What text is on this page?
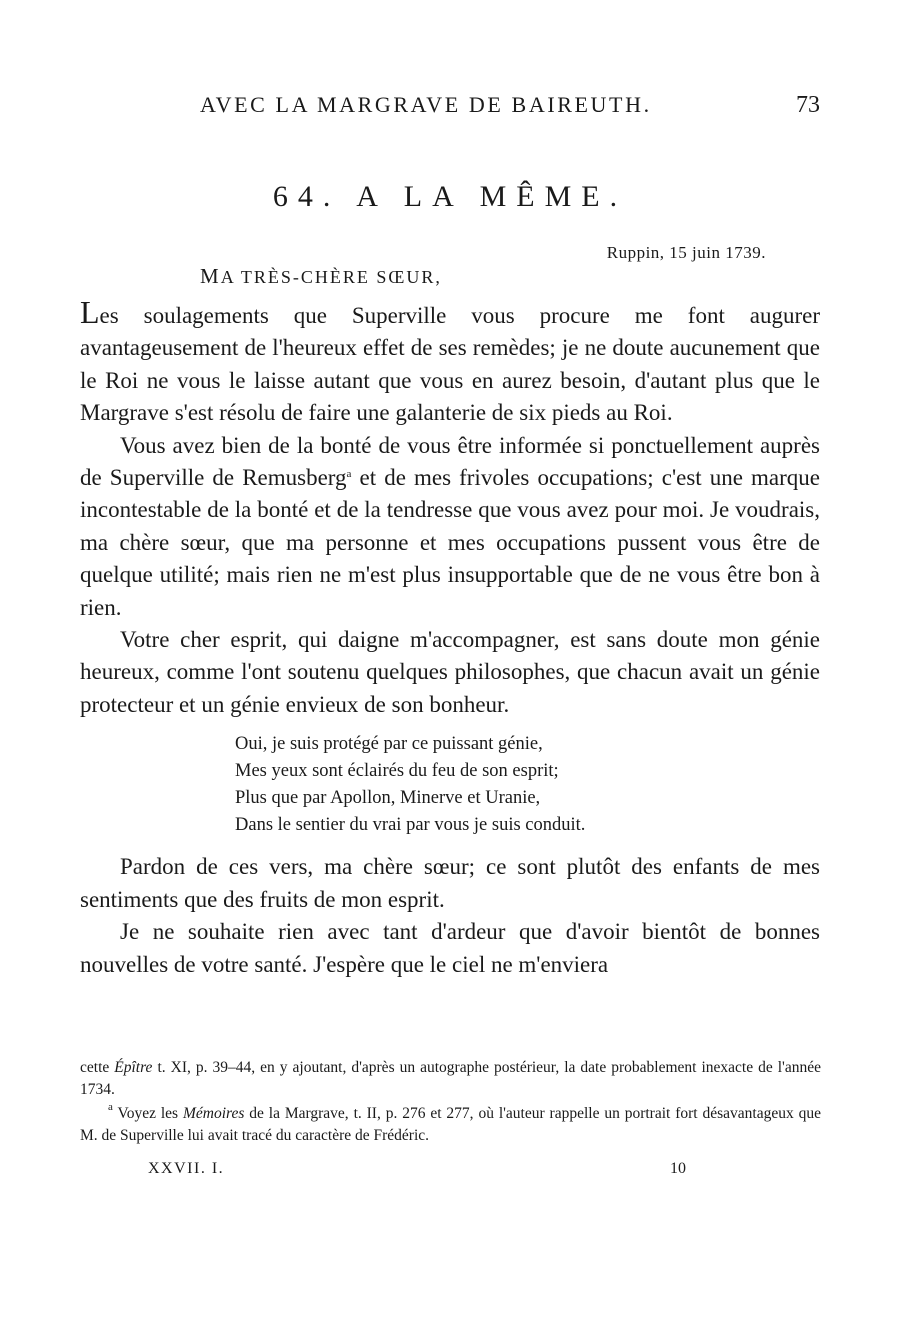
AVEC LA MARGRAVE DE BAIREUTH.	73
64. A LA MÊME.
Ruppin, 15 juin 1739.
MA TRÈS-CHÈRE SŒUR,

Les soulagements que Superville vous procure me font augurer avantageusement de l'heureux effet de ses remèdes; je ne doute aucunement que le Roi ne vous le laisse autant que vous en aurez besoin, d'autant plus que le Margrave s'est résolu de faire une galanterie de six pieds au Roi.

Vous avez bien de la bonté de vous être informée si ponctuellement auprès de Superville de Remusberg$^a$ et de mes frivoles occupations; c'est une marque incontestable de la bonté et de la tendresse que vous avez pour moi. Je voudrais, ma chère sœur, que ma personne et mes occupations pussent vous être de quelque utilité; mais rien ne m'est plus insupportable que de ne vous être bon à rien.

Votre cher esprit, qui daigne m'accompagner, est sans doute mon génie heureux, comme l'ont soutenu quelques philosophes, que chacun avait un génie protecteur et un génie envieux de son bonheur.

Oui, je suis protégé par ce puissant génie,
Mes yeux sont éclairés du feu de son esprit;
Plus que par Apollon, Minerve et Uranie,
Dans le sentier du vrai par vous je suis conduit.

Pardon de ces vers, ma chère sœur; ce sont plutôt des enfants de mes sentiments que des fruits de mon esprit.

Je ne souhaite rien avec tant d'ardeur que d'avoir bientôt de bonnes nouvelles de votre santé. J'espère que le ciel ne m'enviera

cette Épître t. XI, p. 39–44, en y ajoutant, d'après un autographe postérieur, la date probablement inexacte de l'année 1734.

$^a$ Voyez les Mémoires de la Margrave, t. II, p. 276 et 277, où l'auteur rappelle un portrait fort désavantageux que M. de Superville lui avait tracé du caractère de Frédéric.

XXVII. I.	10
